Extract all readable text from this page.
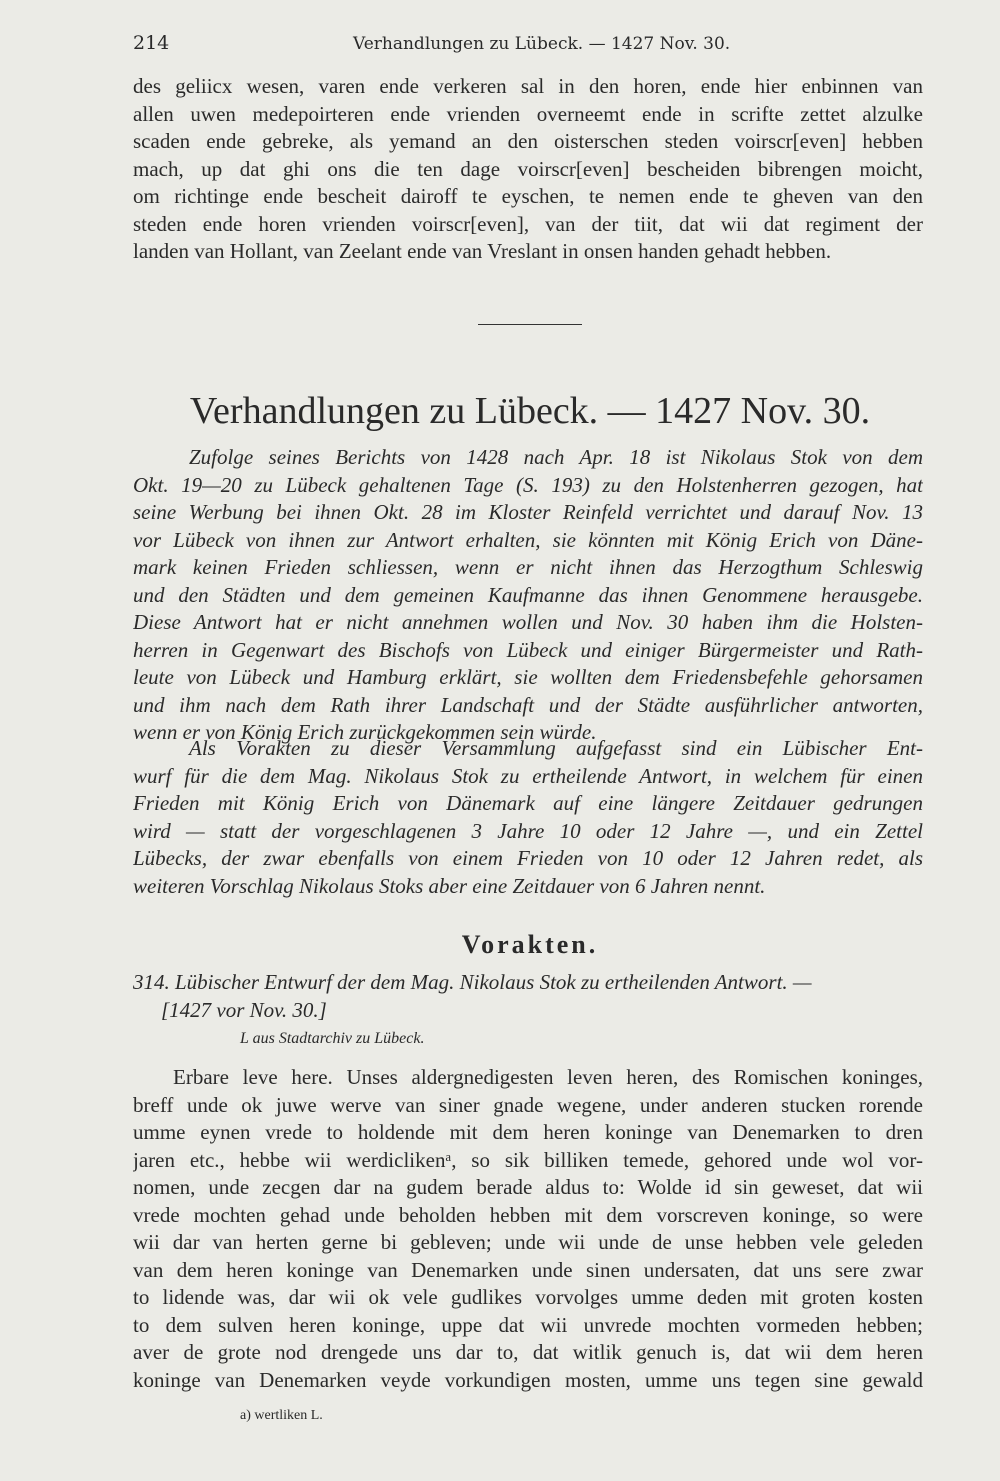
214	Verhandlungen zu Lübeck. — 1427 Nov. 30.
des geliicx wesen, varen ende verkeren sal in den horen, ende hier enbinnen van
allen uwen medepoirteren ende vrienden overneemt ende in scrifte zettet alzulke
scaden ende gebreke, als yemand an den oisterschen steden voirscr[even] hebben
mach, up dat ghi ons die ten dage voirscr[even] bescheiden bibrengen moicht,
om richtinge ende bescheit dairoff te eyschen, te nemen ende te gheven van den
steden ende horen vrienden voirscr[even], van der tiit, dat wii dat regiment der
landen van Hollant, van Zeelant ende van Vreslant in onsen handen gehadt hebben.
Verhandlungen zu Lübeck. — 1427 Nov. 30.
Zufolge seines Berichts von 1428 nach Apr. 18 ist Nikolaus Stok von dem
Okt. 19—20 zu Lübeck gehaltenen Tage (S. 193) zu den Holstenherren gezogen, hat
seine Werbung bei ihnen Okt. 28 im Kloster Reinfeld verrichtet und darauf Nov. 13
vor Lübeck von ihnen zur Antwort erhalten, sie könnten mit König Erich von Däne-
mark keinen Frieden schliessen, wenn er nicht ihnen das Herzogthum Schleswig
und den Städten und dem gemeinen Kaufmanne das ihnen Genommene herausgebe.
Diese Antwort hat er nicht annehmen wollen und Nov. 30 haben ihm die Holsten-
herren in Gegenwart des Bischofs von Lübeck und einiger Bürgermeister und Rath-
leute von Lübeck und Hamburg erklärt, sie wollten dem Friedensbefehle gehorsamen
und ihm nach dem Rath ihrer Landschaft und der Städte ausführlicher antworten,
wenn er von König Erich zurückgekommen sein würde.
Als Vorakten zu dieser Versammlung aufgefasst sind ein Lübischer Ent-
wurf für die dem Mag. Nikolaus Stok zu ertheilende Antwort, in welchem für einen
Frieden mit König Erich von Dänemark auf eine längere Zeitdauer gedrungen
wird — statt der vorgeschlagenen 3 Jahre 10 oder 12 Jahre —, und ein Zettel
Lübecks, der zwar ebenfalls von einem Frieden von 10 oder 12 Jahren redet, als
weiteren Vorschlag Nikolaus Stoks aber eine Zeitdauer von 6 Jahren nennt.
Vorakten.
314. Lübischer Entwurf der dem Mag. Nikolaus Stok zu ertheilenden Antwort. —
[1427 vor Nov. 30.]
L aus Stadtarchiv zu Lübeck.
Erbare leve here. Unses aldergnedigesten leven heren, des Romischen koninges,
breff unde ok juwe werve van siner gnade wegene, under anderen stucken rorende
umme eynen vrede to holdende mit dem heren koninge van Denemarken to dren
jaren etc., hebbe wii werdiclikenᵃ, so sik billiken temede, gehored unde wol vor-
nomen, unde zecgen dar na gudem berade aldus to: Wolde id sin geweset, dat wii
vrede mochten gehad unde beholden hebben mit dem vorscreven koninge, so were
wii dar van herten gerne bi gebleven; unde wii unde de unse hebben vele geleden
van dem heren koninge van Denemarken unde sinen undersaten, dat uns sere zwar
to lidende was, dar wii ok vele gudlikes vorvolges umme deden mit groten kosten
to dem sulven heren koninge, uppe dat wii unvrede mochten vormeden hebben;
aver de grote nod drengede uns dar to, dat witlik genuch is, dat wii dem heren
koninge van Denemarken veyde vorkundigen mosten, umme uns tegen sine gewald
a) wertliken L.
